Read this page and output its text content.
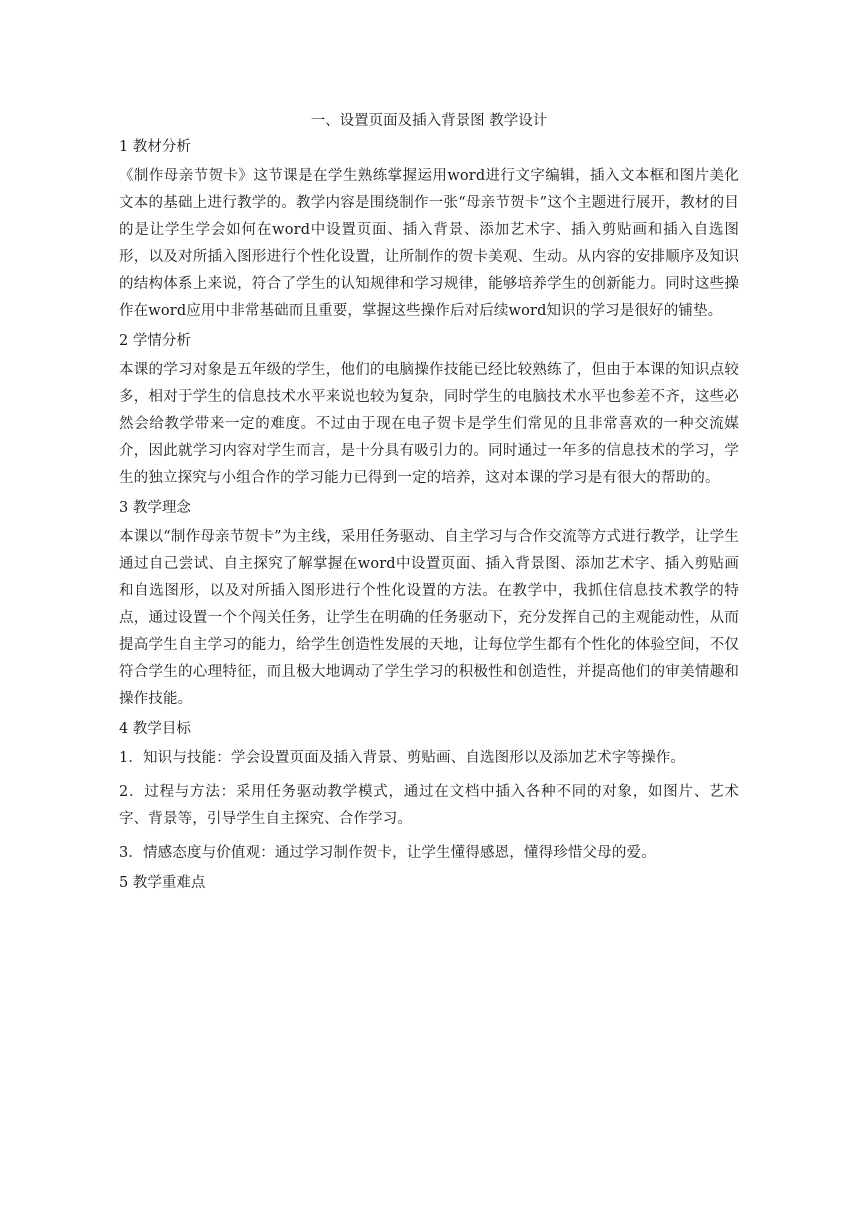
一、设置页面及插入背景图 教学设计
1 教材分析

《制作母亲节贺卡》这节课是在学生熟练掌握运用word进行文字编辑，插入文本框和图片美化文本的基础上进行教学的。教学内容是围绕制作一张“母亲节贺卡”这个主题进行展开，教材的目的是让学生学会如何在word中设置页面、插入背景、添加艺术字、插入剪贴画和插入自选图形，以及对所插入图形进行个性化设置，让所制作的贺卡美观、生动。从内容的安排顺序及知识的结构体系上来说，符合了学生的认知规律和学习规律，能够培养学生的创新能力。同时这些操作在word应用中非常基础而且重要，掌握这些操作后对后续word知识的学习是很好的铺垫。

2 学情分析

本课的学习对象是五年级的学生，他们的电脑操作技能已经比较熟练了，但由于本课的知识点较多，相对于学生的信息技术水平来说也较为复杂，同时学生的电脑技术水平也参差不齐，这些必然会给教学带来一定的难度。不过由于现在电子贺卡是学生们常见的且非常喜欢的一种交流媒介，因此就学习内容对学生而言，是十分具有吸引力的。同时通过一年多的信息技术的学习，学生的独立探究与小组合作的学习能力已得到一定的培养，这对本课的学习是有很大的帮助的。

3 教学理念

本课以“制作母亲节贺卡”为主线，采用任务驱动、自主学习与合作交流等方式进行教学，让学生通过自己尝试、自主探究了解掌握在word中设置页面、插入背景图、添加艺术字、插入剪贴画和自选图形，以及对所插入图形进行个性化设置的方法。在教学中，我抓住信息技术教学的特点，通过设置一个个闯关任务，让学生在明确的任务驱动下，充分发挥自己的主观能动性，从而提高学生自主学习的能力，给学生创造性发展的天地，让每位学生都有个性化的体验空间，不仅符合学生的心理特征，而且极大地调动了学生学习的积极性和创造性，并提高他们的审美情趣和操作技能。

4 教学目标

1．知识与技能：学会设置页面及插入背景、剪贴画、自选图形以及添加艺术字等操作。

2．过程与方法：采用任务驱动教学模式，通过在文档中插入各种不同的对象，如图片、艺术字、背景等，引导学生自主探究、合作学习。

3．情感态度与价值观：通过学习制作贺卡，让学生懂得感恩，懂得珍惜父母的爱。

5 教学重难点
